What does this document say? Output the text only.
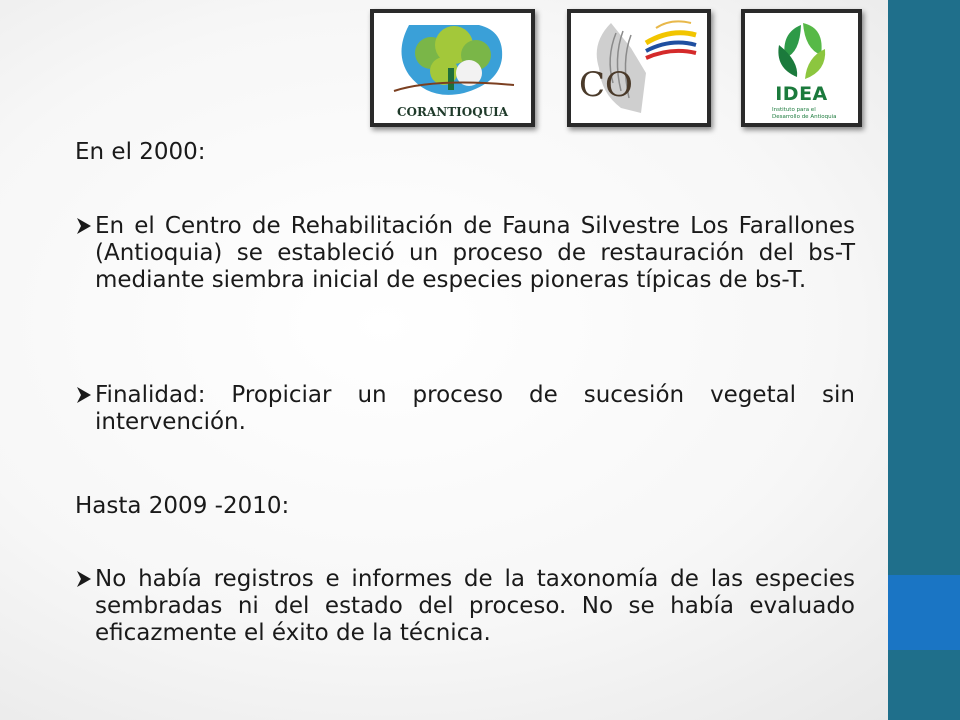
CORANTIOQUIA
CO	IDEA
Instituto para el Desarrollo de Antioquia

En el 2000:

En el Centro de Rehabilitación de Fauna Silvestre Los Farallones (Antioquia) se estableció un proceso de restauración del bs-T mediante siembra inicial de especies pioneras típicas de bs-T.
Finalidad: Propiciar un proceso de sucesión vegetal sin intervención.

Hasta 2009 -2010:

No había registros e informes de la taxonomía de las especies sembradas ni del estado del proceso. No se había evaluado eficazmente el éxito de la técnica.
